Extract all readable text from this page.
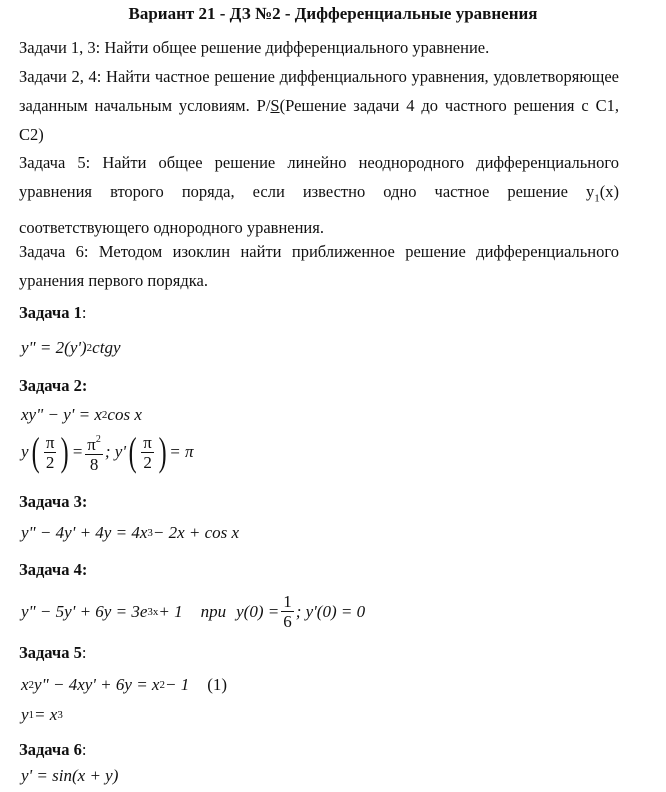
Вариант 21 - ДЗ №2 - Дифференциальные уравнения
Задачи 1, 3: Найти общее решение дифференциального уравнение.
Задачи 2, 4: Найти частное решение диффенциального уравнения, удовлетворяющее заданным начальным условиям. P/S(Решение задачи 4 до частного решения с С1, С2)
Задача 5: Найти общее решение линейно неоднородного дифференциального уравнения второго поряда, если известно одно частное решение $y_1(x)$ соответствующего однородного уравнения.
Задача 6: Методом изоклин найти приближенное решение дифференциального уранения первого порядка.
Задача 1:
y" = 2(y') 2 ctgy
Задача 2:
xy" − y' = x 2 cos x
y ( $\frac{\pi}{2}$ ) = $\frac{\pi^2}{8}$ ; y' ( $\frac{\pi}{2}$ ) = π
Задача 3:
y" − 4y' + 4y = 4x 3 − 2x + cos x
Задача 4:
y" − 5y' + 6y = 3e 3x + 1 при $y(0) = \frac{1}{6}$ ; y'(0) = 0
Задача 5:
x 2 y" − 4xy' + 6y = x 2 − 1 (1)
y 1 = x 3
Задача 6:
y' = sin(x + y)
